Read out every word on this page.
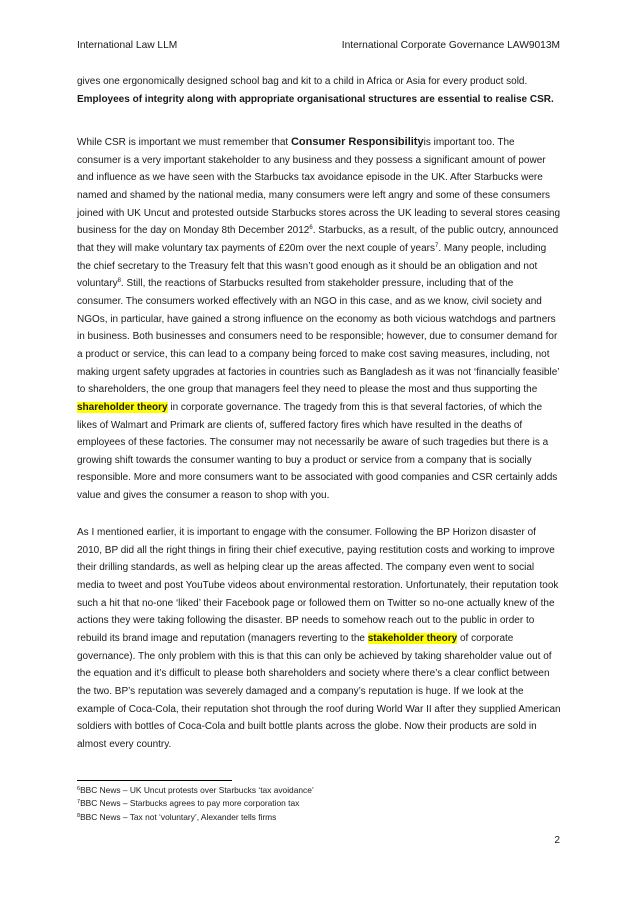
International Law LLM	International Corporate Governance LAW9013M

gives one ergonomically designed school bag and kit to a child in Africa or Asia for every product sold. Employees of integrity along with appropriate organisational structures are essential to realise CSR.

While CSR is important we must remember that Consumer Responsibilityis important too. The consumer is a very important stakeholder to any business and they possess a significant amount of power and influence as we have seen with the Starbucks tax avoidance episode in the UK. After Starbucks were named and shamed by the national media, many consumers were left angry and some of these consumers joined with UK Uncut and protested outside Starbucks stores across the UK leading to several stores ceasing business for the day on Monday 8th December 2012$^6$. Starbucks, as a result, of the public outcry, announced that they will make voluntary tax payments of £20m over the next couple of years$^7$. Many people, including the chief secretary to the Treasury felt that this wasn’t good enough as it should be an obligation and not voluntary$^8$. Still, the reactions of Starbucks resulted from stakeholder pressure, including that of the consumer. The consumers worked effectively with an NGO in this case, and as we know, civil society and NGOs, in particular, have gained a strong influence on the economy as both vicious watchdogs and partners in business. Both businesses and consumers need to be responsible; however, due to consumer demand for a product or service, this can lead to a company being forced to make cost saving measures, including, not making urgent safety upgrades at factories in countries such as Bangladesh as it was not ‘financially feasible’ to shareholders, the one group that managers feel they need to please the most and thus supporting the shareholder theory in corporate governance. The tragedy from this is that several factories, of which the likes of Walmart and Primark are clients of, suffered factory fires which have resulted in the deaths of employees of these factories. The consumer may not necessarily be aware of such tragedies but there is a growing shift towards the consumer wanting to buy a product or service from a company that is socially responsible. More and more consumers want to be associated with good companies and CSR certainly adds value and gives the consumer a reason to shop with you.

As I mentioned earlier, it is important to engage with the consumer. Following the BP Horizon disaster of 2010, BP did all the right things in firing their chief executive, paying restitution costs and working to improve their drilling standards, as well as helping clear up the areas affected. The company even went to social media to tweet and post YouTube videos about environmental restoration. Unfortunately, their reputation took such a hit that no-one ‘liked’ their Facebook page or followed them on Twitter so no-one actually knew of the actions they were taking following the disaster. BP needs to somehow reach out to the public in order to rebuild its brand image and reputation (managers reverting to the stakeholder theory of corporate governance). The only problem with this is that this can only be achieved by taking shareholder value out of the equation and it’s difficult to please both shareholders and society where there’s a clear conflict between the two. BP’s reputation was severely damaged and a company’s reputation is huge. If we look at the example of Coca-Cola, their reputation shot through the roof during World War II after they supplied American soldiers with bottles of Coca-Cola and built bottle plants across the globe. Now their products are sold in almost every country.

$^6$BBC News – UK Uncut protests over Starbucks ‘tax avoidance’
$^7$BBC News – Starbucks agrees to pay more corporation tax
$^8$BBC News – Tax not ‘voluntary’, Alexander tells firms
2
